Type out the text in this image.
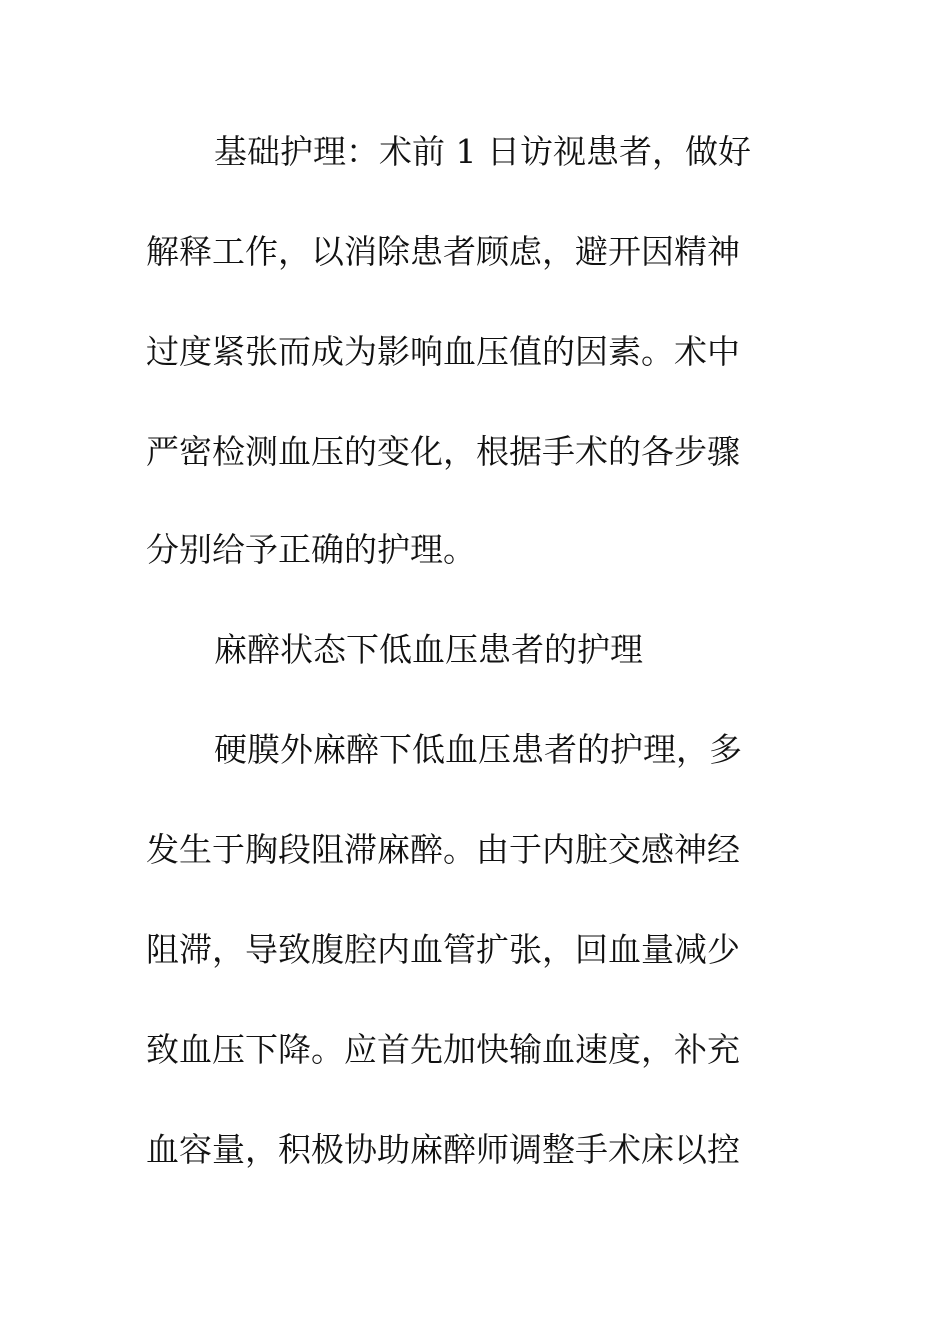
基础护理：术前 1 日访视患者，做好
解释工作，以消除患者顾虑，避开因精神
过度紧张而成为影响血压值的因素。术中
严密检测血压的变化，根据手术的各步骤
分别给予正确的护理。
麻醉状态下低血压患者的护理
硬膜外麻醉下低血压患者的护理，多
发生于胸段阻滞麻醉。由于内脏交感神经
阻滞，导致腹腔内血管扩张，回血量减少
致血压下降。应首先加快输血速度，补充
血容量，积极协助麻醉师调整手术床以控
